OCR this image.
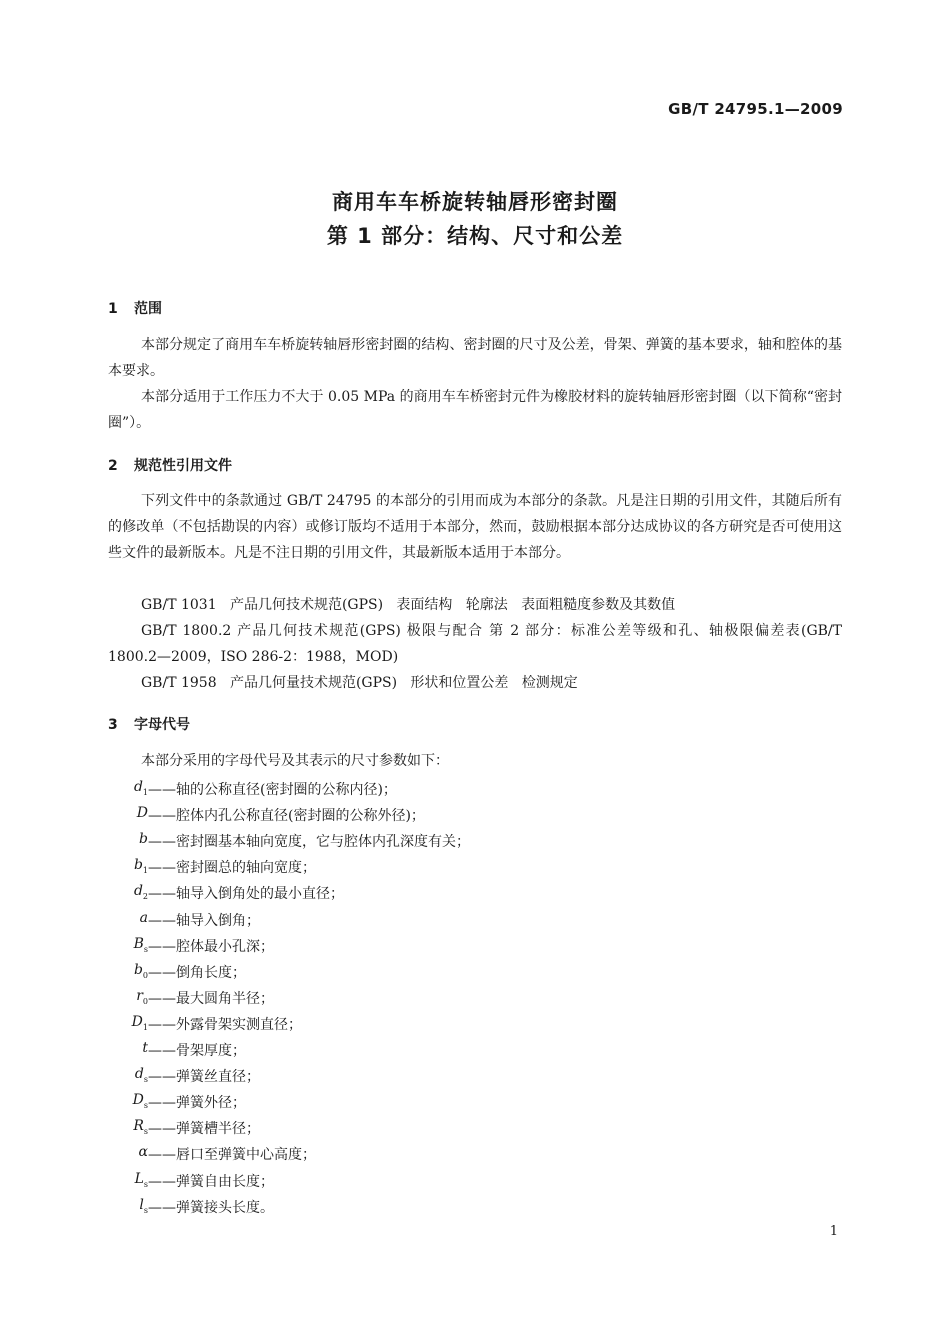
GB/T 24795.1—2009
商用车车桥旋转轴唇形密封圈
第 1 部分：结构、尺寸和公差
1 范围
本部分规定了商用车车桥旋转轴唇形密封圈的结构、密封圈的尺寸及公差，骨架、弹簧的基本要求，轴和腔体的基本要求。
本部分适用于工作压力不大于 0.05 MPa 的商用车车桥密封元件为橡胶材料的旋转轴唇形密封圈（以下简称“密封圈”）。
2 规范性引用文件
下列文件中的条款通过 GB/T 24795 的本部分的引用而成为本部分的条款。凡是注日期的引用文件，其随后所有的修改单（不包括勘误的内容）或修订版均不适用于本部分，然而，鼓励根据本部分达成协议的各方研究是否可使用这些文件的最新版本。凡是不注日期的引用文件，其最新版本适用于本部分。
GB/T 1031   产品几何技术规范(GPS)   表面结构   轮廓法   表面粗糙度参数及其数值
GB/T 1800.2 产品几何技术规范(GPS) 极限与配合 第 2 部分：标准公差等级和孔、轴极限偏差表(GB/T 1800.2—2009，ISO 286-2：1988，MOD)
GB/T 1958   产品几何量技术规范(GPS)   形状和位置公差   检测规定
3 字母代号
本部分采用的字母代号及其表示的尺寸参数如下：
$d_1$ ——轴的公称直径(密封圈的公称内径)；
D ——腔体内孔公称直径(密封圈的公称外径)；
b ——密封圈基本轴向宽度，它与腔体内孔深度有关；
$b_1$ ——密封圈总的轴向宽度；
$d_2$ ——轴导入倒角处的最小直径；
a ——轴导入倒角；
$B_s$ ——腔体最小孔深；
$b_0$ ——倒角长度；
$r_0$ ——最大圆角半径；
$D_1$ ——外露骨架实测直径；
t ——骨架厚度；
$d_s$ ——弹簧丝直径；
$D_s$ ——弹簧外径；
$R_s$ ——弹簧槽半径；
α ——唇口至弹簧中心高度；
$L_s$ ——弹簧自由长度；
$l_s$ ——弹簧接头长度。
1
